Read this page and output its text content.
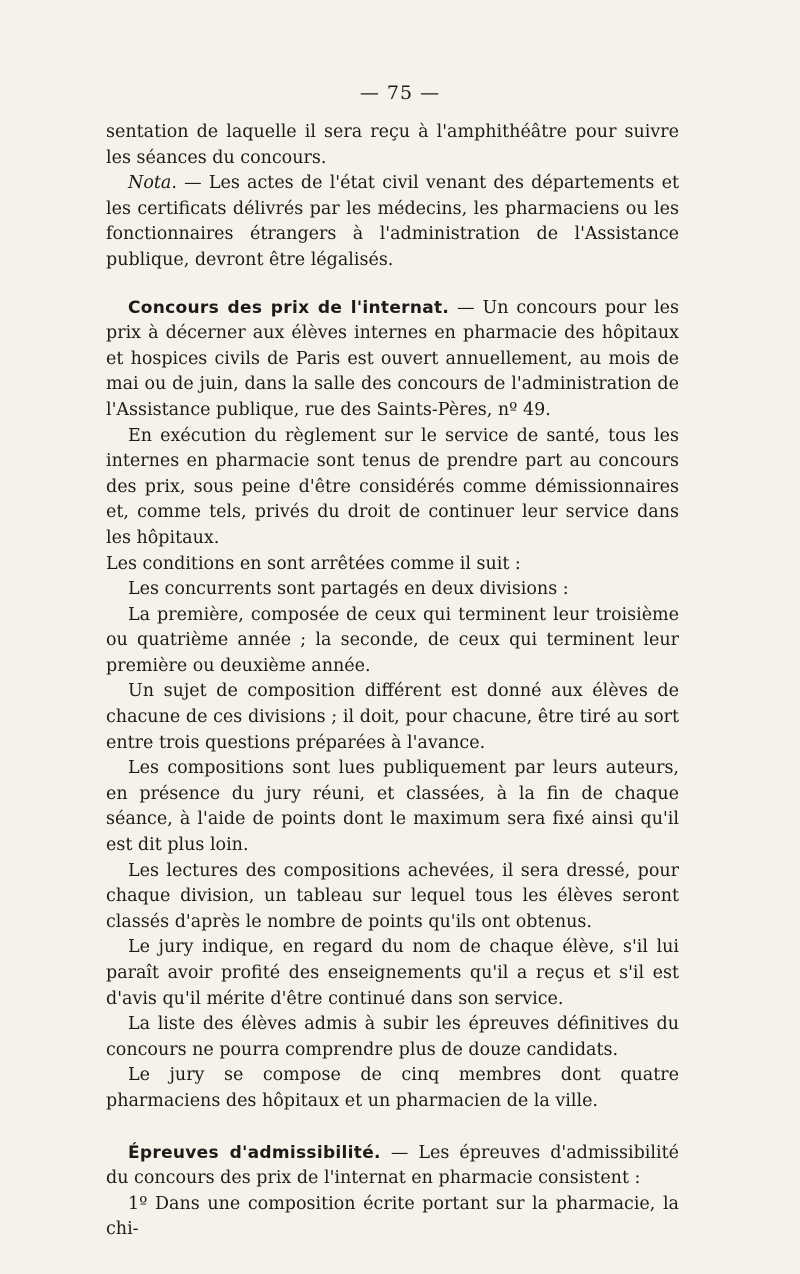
— 75 —

sentation de laquelle il sera reçu à l'amphithéâtre pour suivre les séances du concours.

Nota. — Les actes de l'état civil venant des départements et les certificats délivrés par les médecins, les pharmaciens ou les fonctionnaires étrangers à l'administration de l'Assistance publique, devront être légalisés.

Concours des prix de l'internat. — Un concours pour les prix à décerner aux élèves internes en pharmacie des hôpitaux et hospices civils de Paris est ouvert annuellement, au mois de mai ou de juin, dans la salle des concours de l'administration de l'Assistance publique, rue des Saints-Pères, nº 49.

En exécution du règlement sur le service de santé, tous les internes en pharmacie sont tenus de prendre part au concours des prix, sous peine d'être considérés comme démissionnaires et, comme tels, privés du droit de continuer leur service dans les hôpitaux.

Les conditions en sont arrêtées comme il suit :

Les concurrents sont partagés en deux divisions :

La première, composée de ceux qui terminent leur troisième ou quatrième année ; la seconde, de ceux qui terminent leur première ou deuxième année.

Un sujet de composition différent est donné aux élèves de chacune de ces divisions ; il doit, pour chacune, être tiré au sort entre trois questions préparées à l'avance.

Les compositions sont lues publiquement par leurs auteurs, en présence du jury réuni, et classées, à la fin de chaque séance, à l'aide de points dont le maximum sera fixé ainsi qu'il est dit plus loin.

Les lectures des compositions achevées, il sera dressé, pour chaque division, un tableau sur lequel tous les élèves seront classés d'après le nombre de points qu'ils ont obtenus.

Le jury indique, en regard du nom de chaque élève, s'il lui paraît avoir profité des enseignements qu'il a reçus et s'il est d'avis qu'il mérite d'être continué dans son service.

La liste des élèves admis à subir les épreuves définitives du concours ne pourra comprendre plus de douze candidats.

Le jury se compose de cinq membres dont quatre pharmaciens des hôpitaux et un pharmacien de la ville.

Épreuves d'admissibilité. — Les épreuves d'admissibilité du concours des prix de l'internat en pharmacie consistent :

1º Dans une composition écrite portant sur la pharmacie, la chi-
